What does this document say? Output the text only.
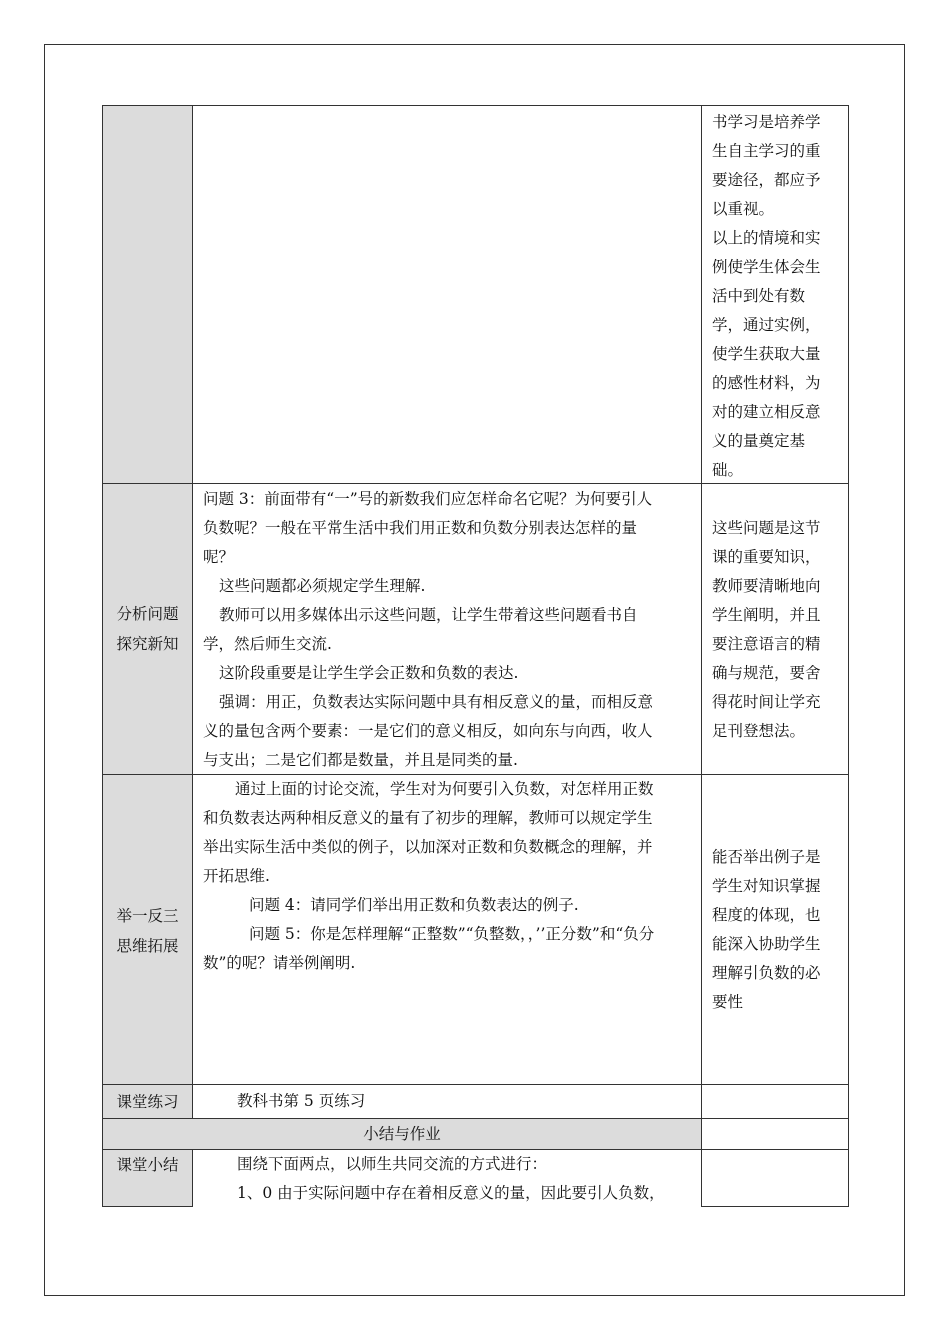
书学习是培养学

生自主学习的重

要途径，都应予

以重视。

以上的情境和实

例使学生体会生

活中到处有数

学，通过实例，

使学生获取大量

的感性材料，为

对的建立相反意

义的量奠定基

础。

分析问题
探究新知

问题 3：前面带有“一”号的新数我们应怎样命名它呢？为何要引人

负数呢？一般在平常生活中我们用正数和负数分别表达怎样的量

呢？

这些问题都必须规定学生理解.

教师可以用多媒体出示这些问题，让学生带着这些问题看书自

学，然后师生交流.

这阶段重要是让学生学会正数和负数的表达.

强调：用正，负数表达实际问题中具有相反意义的量，而相反意

义的量包含两个要素：一是它们的意义相反，如向东与向西，收人

与支出；二是它们都是数量，并且是同类的量.

这些问题是这节

课的重要知识，

教师要清晰地向

学生阐明，并且

要注意语言的精

确与规范，要舍

得花时间让学充

足刊登想法。

举一反三
思维拓展

通过上面的讨论交流，学生对为何要引入负数，对怎样用正数

和负数表达两种相反意义的量有了初步的理解，教师可以规定学生

举出实际生活中类似的例子，以加深对正数和负数概念的理解，并

开拓思维.

问题 4：请同学们举出用正数和负数表达的例子.

问题 5：你是怎样理解“正整数”“负整数，，’’正分数”和“负分

数”的呢？请举例阐明.

能否举出例子是

学生对知识掌握

程度的体现，也

能深入协助学生

理解引负数的必

要性

课堂练习	教科书第 5 页练习
小结与作业
课堂小结	围绕下面两点，以师生共同交流的方式进行：

1、0 由于实际问题中存在着相反意义的量，因此要引人负数，
